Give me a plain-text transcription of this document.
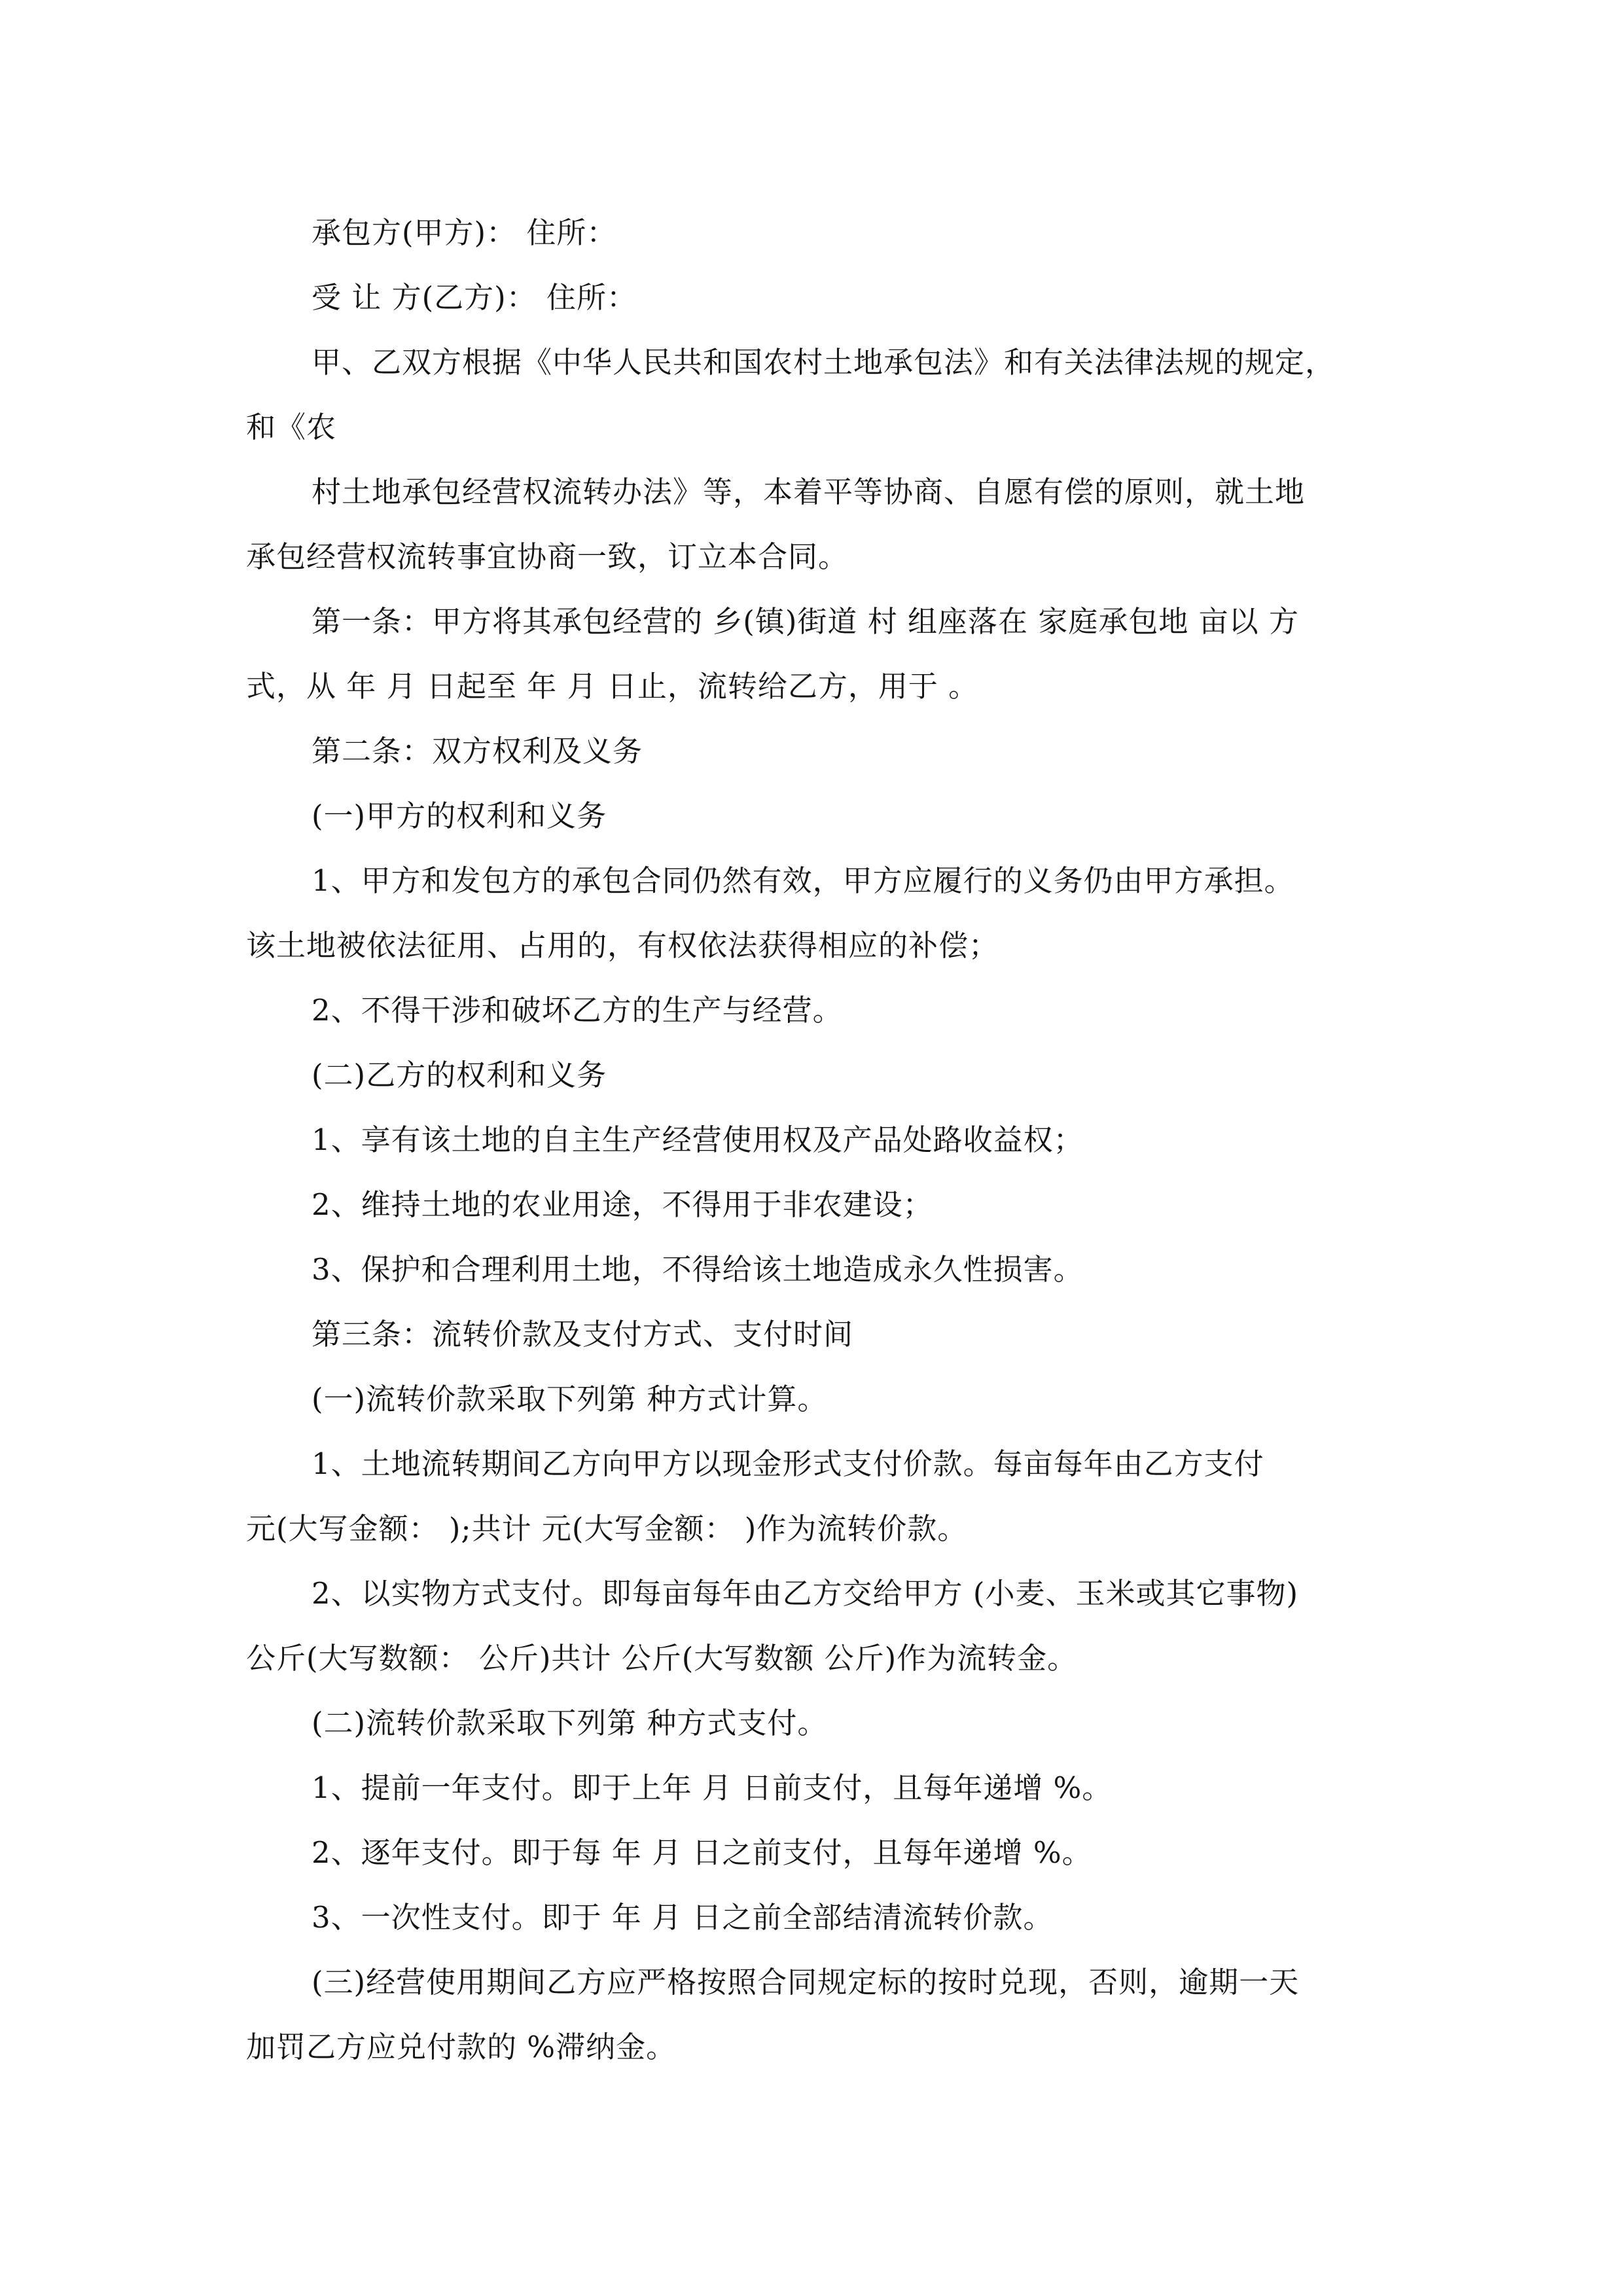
承包方(甲方)： 住所：
受 让 方(乙方)： 住所：
甲、乙双方根据《中华人民共和国农村土地承包法》和有关法律法规的规定，
和《农
村土地承包经营权流转办法》等，本着平等协商、自愿有偿的原则，就土地
承包经营权流转事宜协商一致，订立本合同。
第一条：甲方将其承包经营的 乡(镇)街道 村 组座落在 家庭承包地 亩以 方
式，从 年 月 日起至 年 月 日止，流转给乙方，用于 。
第二条：双方权利及义务
(一)甲方的权利和义务
1、甲方和发包方的承包合同仍然有效，甲方应履行的义务仍由甲方承担。
该土地被依法征用、占用的，有权依法获得相应的补偿；
2、不得干涉和破坏乙方的生产与经营。
(二)乙方的权利和义务
1、享有该土地的自主生产经营使用权及产品处路收益权；
2、维持土地的农业用途，不得用于非农建设；
3、保护和合理利用土地，不得给该土地造成永久性损害。
第三条：流转价款及支付方式、支付时间
(一)流转价款采取下列第 种方式计算。
1、土地流转期间乙方向甲方以现金形式支付价款。每亩每年由乙方支付
元(大写金额： );共计 元(大写金额： )作为流转价款。
2、以实物方式支付。即每亩每年由乙方交给甲方 (小麦、玉米或其它事物)
公斤(大写数额： 公斤)共计 公斤(大写数额 公斤)作为流转金。
(二)流转价款采取下列第 种方式支付。
1、提前一年支付。即于上年 月 日前支付，且每年递增 %。
2、逐年支付。即于每 年 月 日之前支付，且每年递增 %。
3、一次性支付。即于 年 月 日之前全部结清流转价款。
(三)经营使用期间乙方应严格按照合同规定标的按时兑现，否则，逾期一天
加罚乙方应兑付款的 %滞纳金。
